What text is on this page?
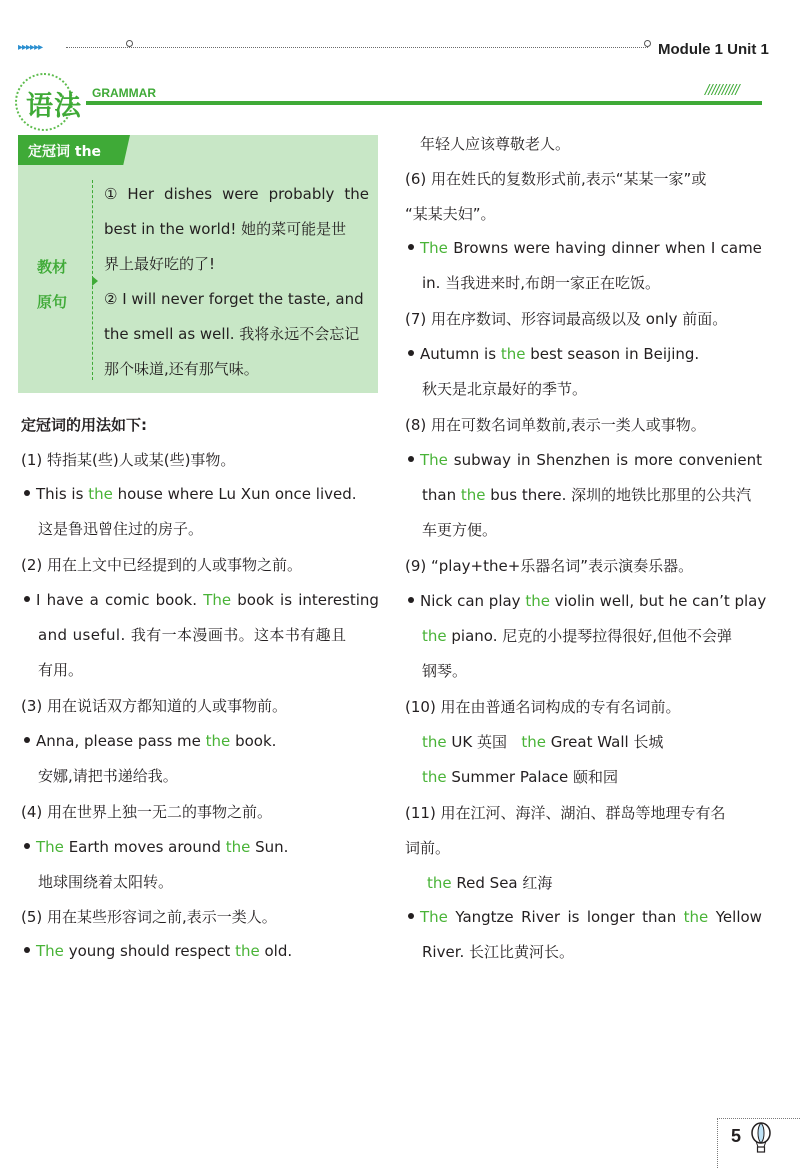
▸▸▸▸▸▸	Module 1 Unit 1
语法 GRAMMAR	//////////
定冠词 the
教材
原句
① Her dishes were probably the
best in the world! 她的菜可能是世
界上最好吃的了!
② I will never forget the taste, and
the smell as well. 我将永远不会忘记
那个味道,还有那气味。
定冠词的用法如下:
(1) 特指某(些)人或某(些)事物。
This is the house where Lu Xun once lived.
这是鲁迅曾住过的房子。
(2) 用在上文中已经提到的人或事物之前。
I have a comic book. The book is interesting
and useful. 我有一本漫画书。这本书有趣且
有用。
(3) 用在说话双方都知道的人或事物前。
Anna, please pass me the book.
安娜,请把书递给我。
(4) 用在世界上独一无二的事物之前。
The Earth moves around the Sun.
地球围绕着太阳转。
(5) 用在某些形容词之前,表示一类人。
The young should respect the old.
年轻人应该尊敬老人。
(6) 用在姓氏的复数形式前,表示“某某一家”或
“某某夫妇”。
The Browns were having dinner when I came
in. 当我进来时,布朗一家正在吃饭。
(7) 用在序数词、形容词最高级以及 only 前面。
Autumn is the best season in Beijing.
秋天是北京最好的季节。
(8) 用在可数名词单数前,表示一类人或事物。
The subway in Shenzhen is more convenient
than the bus there. 深圳的地铁比那里的公共汽
车更方便。
(9) “play+the+乐器名词”表示演奏乐器。
Nick can play the violin well, but he can’t play
the piano. 尼克的小提琴拉得很好,但他不会弹
钢琴。
(10) 用在由普通名词构成的专有名词前。
the UK 英国 the Great Wall 长城
the Summer Palace 颐和园
(11) 用在江河、海洋、湖泊、群岛等地理专有名
词前。
the Red Sea 红海
The Yangtze River is longer than the Yellow
River. 长江比黄河长。
5
